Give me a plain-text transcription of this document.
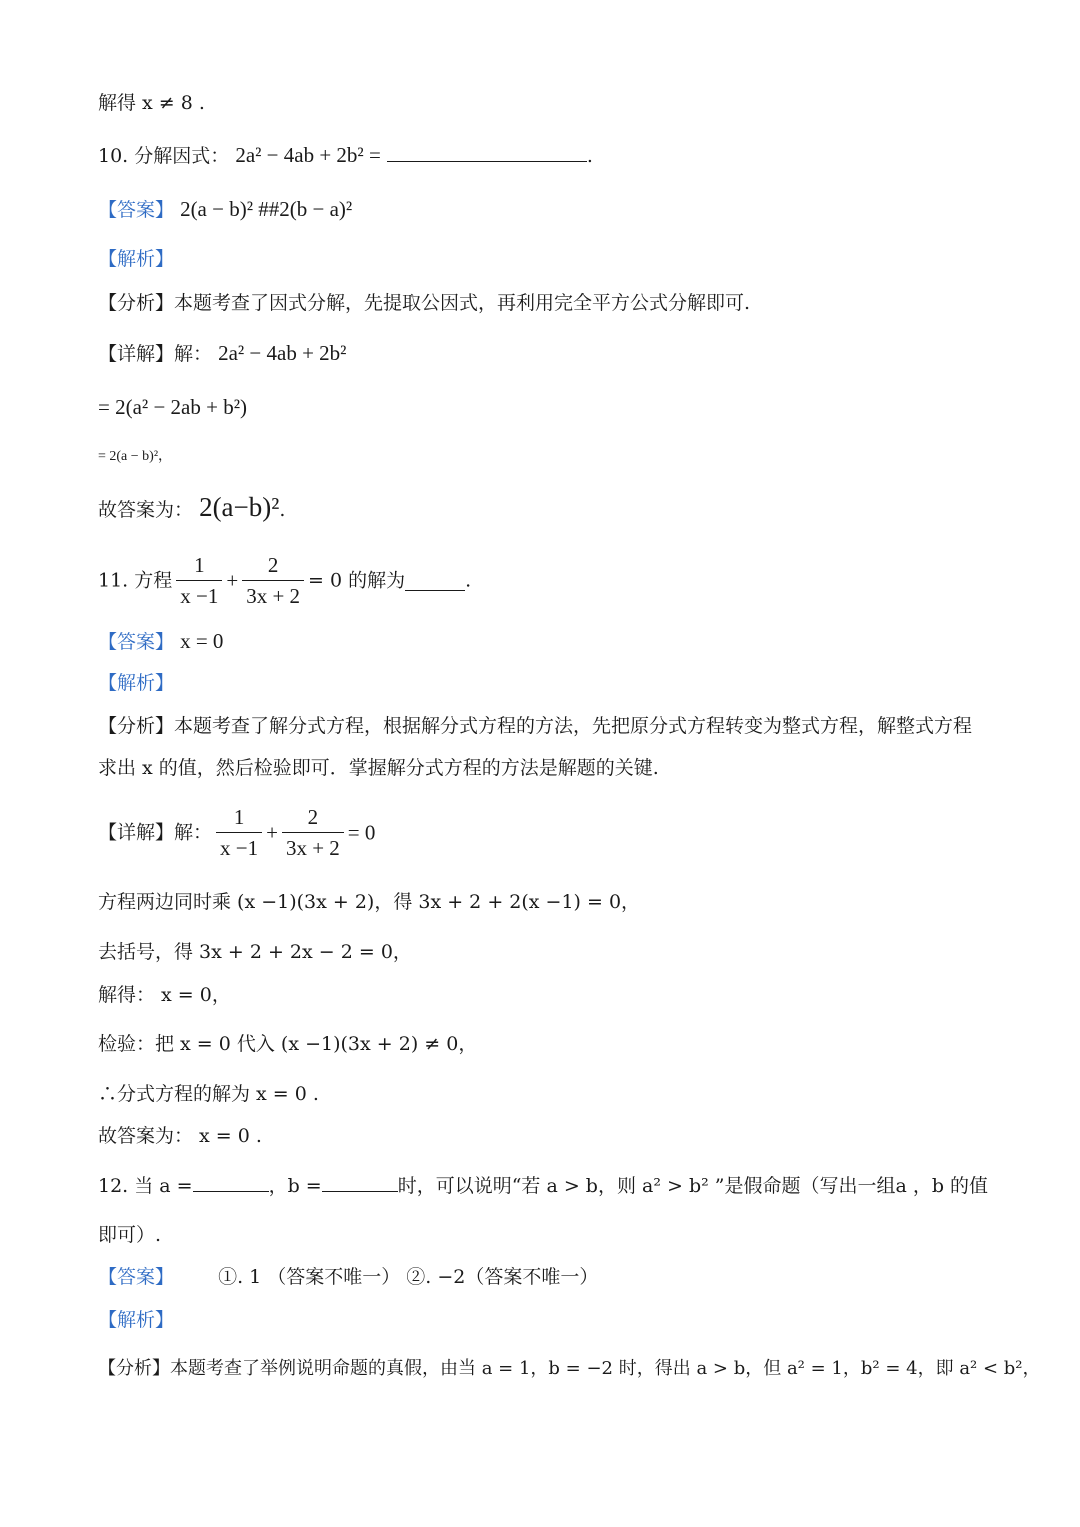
解得 x ≠ 8 .
10. 分解因式： 2a² − 4ab + 2b² =	.
【答案】 2(a − b)² ##2(b − a)²
【解析】
【分析】本题考查了因式分解，先提取公因式，再利用完全平方公式分解即可.
【详解】解： 2a² − 4ab + 2b²
= 2(a² − 2ab + b²)
= 2(a − b)²，
故答案为： 2(a−b)².
11. 方程 $\frac{1}{x -1} + \frac{2}{3x + 2} = 0$ 的解为	.
【答案】 x = 0
【解析】
【分析】本题考查了解分式方程，根据解分式方程的方法，先把原分式方程转变为整式方程，解整式方程
求出 x 的值，然后检验即可．掌握解分式方程的方法是解题的关键.
【详解】解： $\frac{1}{x -1} + \frac{2}{3x + 2} = 0$
方程两边同时乘 (x −1)(3x + 2)，得 3x + 2 + 2(x −1) = 0，
去括号，得 3x + 2 + 2x − 2 = 0，
解得： x = 0，
检验：把 x = 0 代入 (x −1)(3x + 2) ≠ 0，
∴分式方程的解为 x = 0 .
故答案为： x = 0 .
12. 当 a =	，b =	时，可以说明“若 a > b，则 a² > b² ”是假命题（写出一组a ，b 的值
即可）.
【答案】 ①. 1 （答案不唯一） ②. −2（答案不唯一）
【解析】
【分析】本题考查了举例说明命题的真假，由当 a = 1，b = −2 时，得出 a > b，但 a² = 1，b² = 4，即 a² < b²，
